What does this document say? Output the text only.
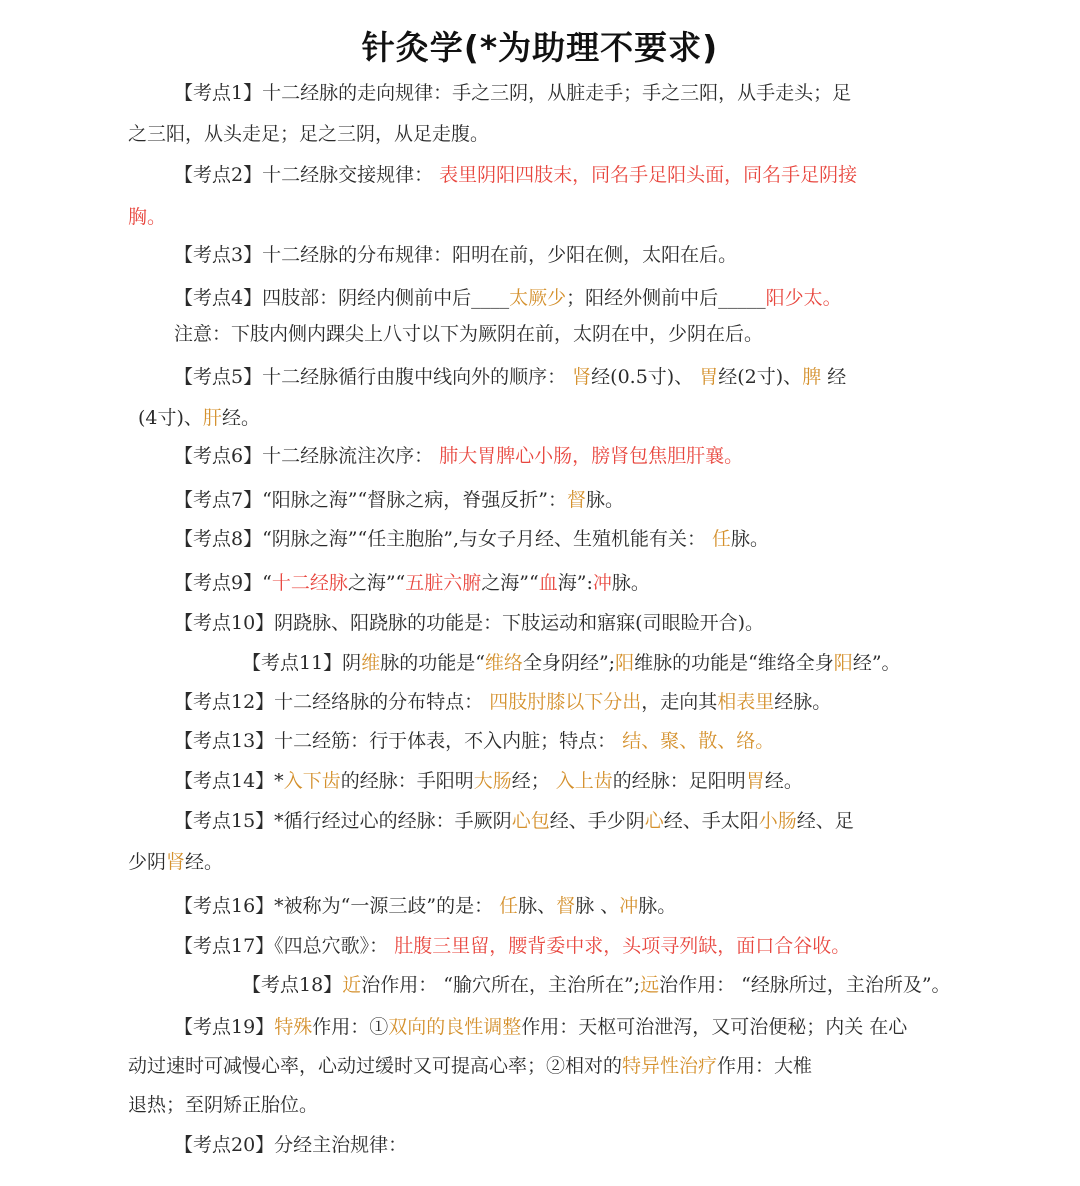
针灸学(*为助理不要求)
【考点1】十二经脉的走向规律：手之三阴，从脏走手；手之三阳，从手走头；足
之三阳，从头走足；足之三阴，从足走腹。
【考点2】十二经脉交接规律： 表里阴阳四肢末，同名手足阳头面，同名手足阴接
胸。
【考点3】十二经脉的分布规律：阳明在前，少阳在侧，太阳在后。
【考点4】四肢部：阴经内侧前中后____太厥少；阳经外侧前中后_____阳少太。
注意：下肢内侧内踝尖上八寸以下为厥阴在前，太阴在中，少阴在后。
【考点5】十二经脉循行由腹中线向外的顺序： 肾经(0.5寸)、 胃经(2寸)、脾 经
(4寸)、肝经。
【考点6】十二经脉流注次序： 肺大胃脾心小肠，膀肾包焦胆肝襄。
【考点7】“阳脉之海”“督脉之病，脊强反折”：督脉。
【考点8】“阴脉之海”“任主胞胎”,与女子月经、生殖机能有关： 任脉。
【考点9】“十二经脉之海”“五脏六腑之海”“血海”:冲脉。
【考点10】阴跷脉、阳跷脉的功能是：下肢运动和寤寐(司眼睑开合)。
【考点11】阴维脉的功能是“维络全身阴经”;阳维脉的功能是“维络全身阳经”。
【考点12】十二经络脉的分布特点： 四肢肘膝以下分出，走向其相表里经脉。
【考点13】十二经筋：行于体表，不入内脏；特点： 结、聚、散、络。
【考点14】*入下齿的经脉：手阳明大肠经； 入上齿的经脉：足阳明胃经。
【考点15】*循行经过心的经脉：手厥阴心包经、手少阴心经、手太阳小肠经、足
少阴肾经。
【考点16】*被称为“一源三歧”的是： 任脉、督脉 、冲脉。
【考点17】《四总穴歌》： 肚腹三里留，腰背委中求，头项寻列缺，面口合谷收。
【考点18】近治作用： “腧穴所在，主治所在”;远治作用： “经脉所过，主治所及”。
【考点19】特殊作用：①双向的良性调整作用：天枢可治泄泻，又可治便秘；内关 在心
动过速时可减慢心率，心动过缓时又可提高心率；②相对的特异性治疗作用：大椎
退热；至阴矫正胎位。
【考点20】分经主治规律：
